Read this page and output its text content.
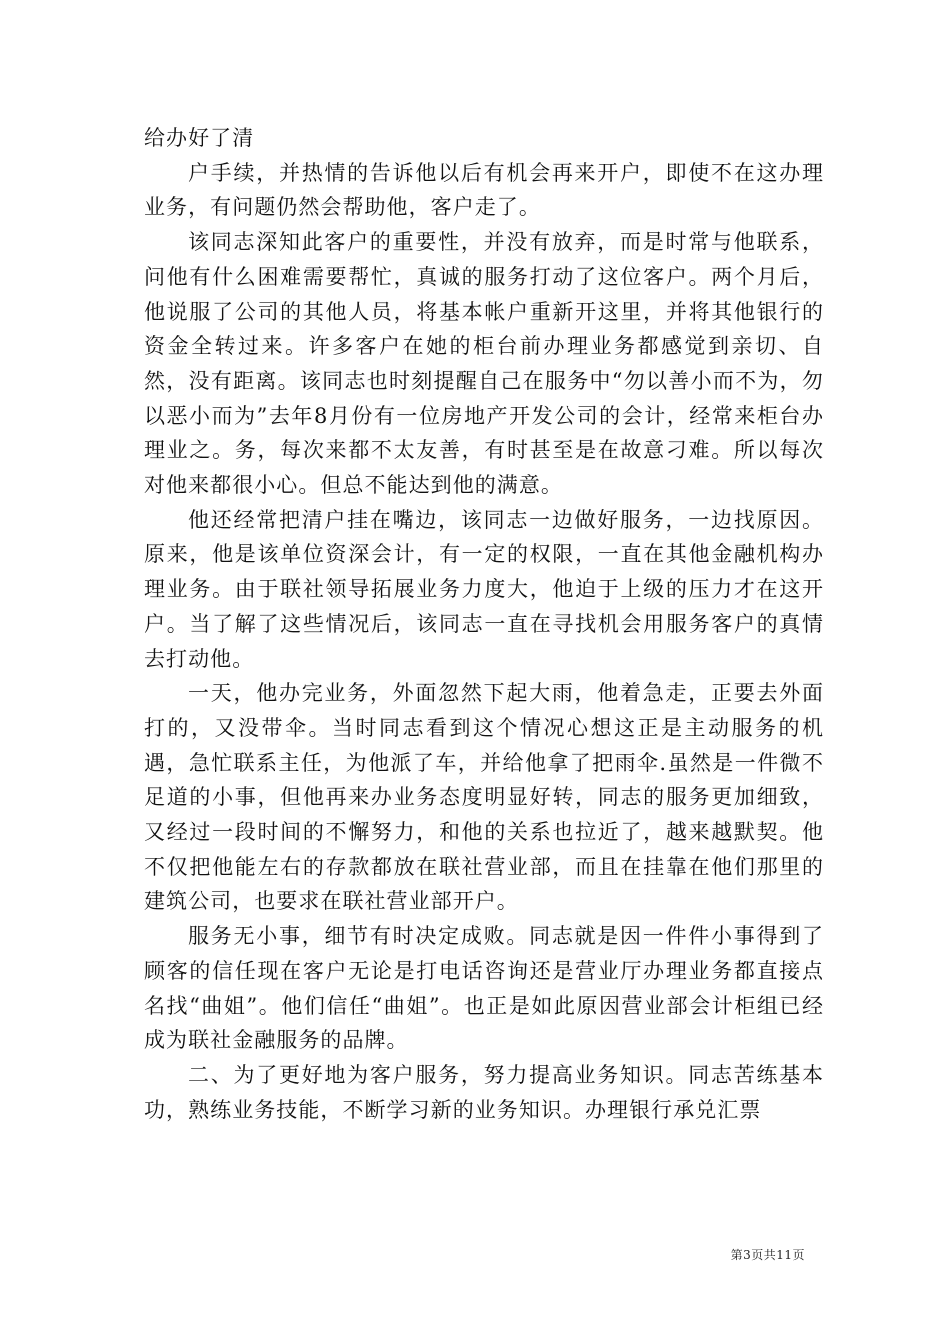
给办好了清

户手续，并热情的告诉他以后有机会再来开户，即使不在这办理业务，有问题仍然会帮助他，客户走了。

该同志深知此客户的重要性，并没有放弃，而是时常与他联系，问他有什么困难需要帮忙，真诚的服务打动了这位客户。两个月后，他说服了公司的其他人员，将基本帐户重新开这里，并将其他银行的资金全转过来。许多客户在她的柜台前办理业务都感觉到亲切、自然，没有距离。该同志也时刻提醒自己在服务中“勿以善小而不为，勿以恶小而为”去年8月份有一位房地产开发公司的会计，经常来柜台办理业之。务，每次来都不太友善，有时甚至是在故意刁难。所以每次对他来都很小心。但总不能达到他的满意。

他还经常把清户挂在嘴边，该同志一边做好服务，一边找原因。原来，他是该单位资深会计，有一定的权限，一直在其他金融机构办理业务。由于联社领导拓展业务力度大，他迫于上级的压力才在这开户。当了解了这些情况后，该同志一直在寻找机会用服务客户的真情去打动他。

一天，他办完业务，外面忽然下起大雨，他着急走，正要去外面打的，又没带伞。当时同志看到这个情况心想这正是主动服务的机遇，急忙联系主任，为他派了车，并给他拿了把雨伞.虽然是一件微不足道的小事，但他再来办业务态度明显好转，同志的服务更加细致，又经过一段时间的不懈努力，和他的关系也拉近了，越来越默契。他不仅把他能左右的存款都放在联社营业部，而且在挂靠在他们那里的建筑公司，也要求在联社营业部开户。

服务无小事，细节有时决定成败。同志就是因一件件小事得到了顾客的信任现在客户无论是打电话咨询还是营业厅办理业务都直接点名找“曲姐”。他们信任“曲姐”。也正是如此原因营业部会计柜组已经成为联社金融服务的品牌。

二、为了更好地为客户服务，努力提高业务知识。同志苦练基本功，熟练业务技能，不断学习新的业务知识。办理银行承兑汇票

第3页共11页
